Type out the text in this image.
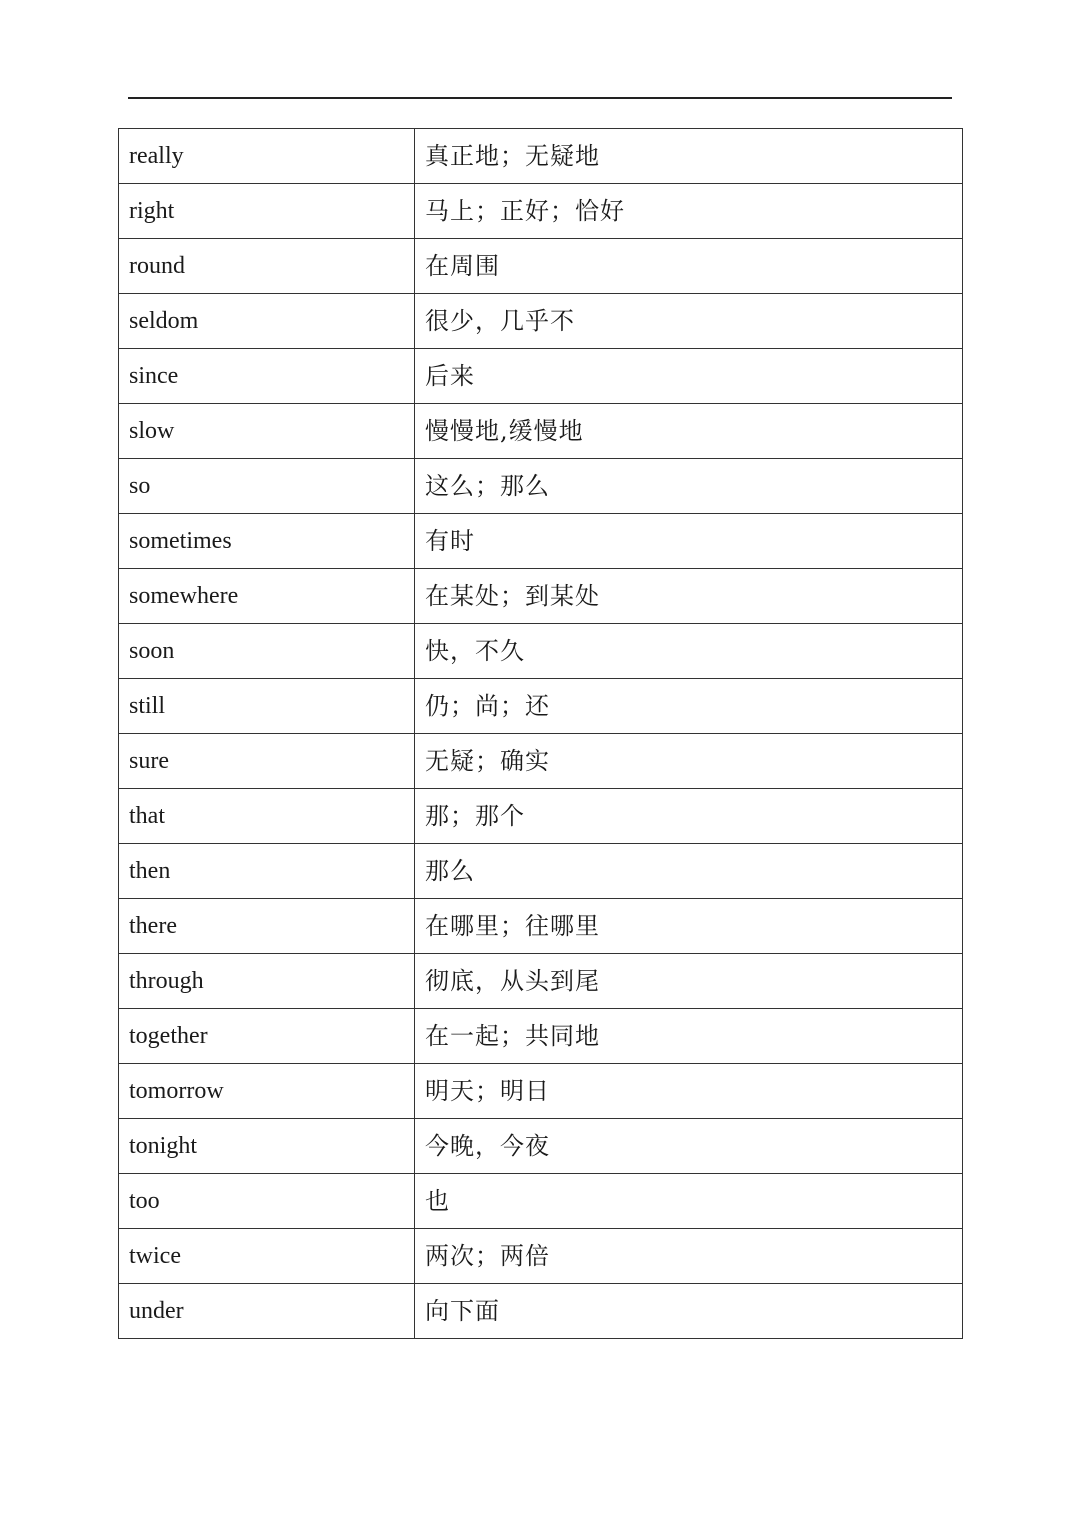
really	真正地；无疑地
right	马上；正好；恰好
round	在周围
seldom	很少，几乎不
since	后来
slow	慢慢地,缓慢地
so	这么；那么
sometimes	有时
somewhere	在某处；到某处
soon	快，不久
still	仍；尚；还
sure	无疑；确实
that	那；那个
then	那么
there	在哪里；往哪里
through	彻底，从头到尾
together	在一起；共同地
tomorrow	明天；明日
tonight	今晚，今夜
too	也
twice	两次；两倍
under	向下面
